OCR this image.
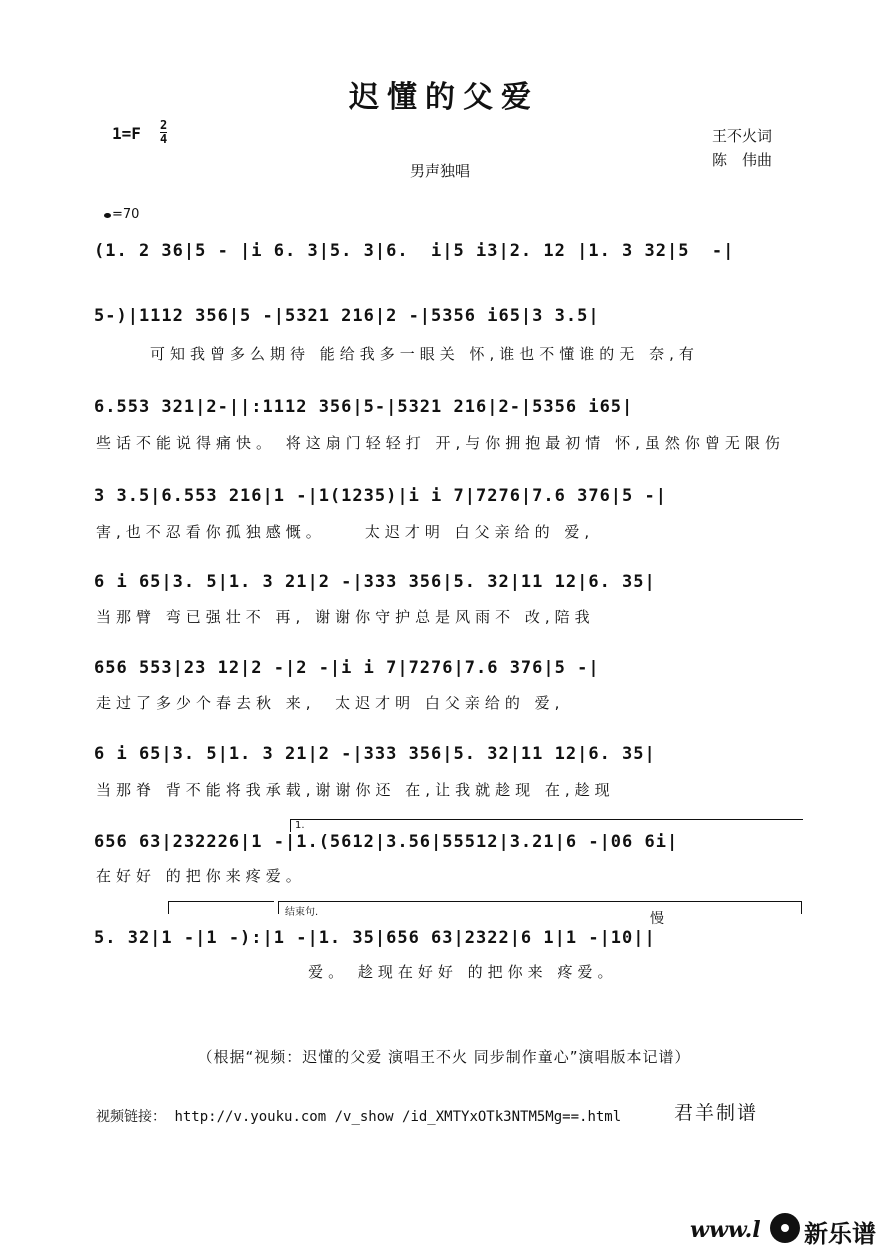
迟懂的父爱
1=F 2
4	王不火词
陈　伟曲
男声独唱
=70
(1. 2 36|5 - |i 6. 3|5. 3|6.  i|5 i3|2. 12 |1. 3 32|5  -|
5-)|1112 356|5 -|5321 216|2 -|5356 i65|3 3.5|
可知我曾多么期待 能给我多一眼关 怀,谁也不懂谁的无 奈,有
6.553 321|2-||:1112 356|5-|5321 216|2-|5356 i65|
些话不能说得痛快。 将这扇门轻轻打 开,与你拥抱最初情 怀,虽然你曾无限伤
3 3.5|6.553 216|1 -|1(1235)|i i 7|7276|7.6 376|5 -|
害,也不忍看你孤独感慨。    太迟才明 白父亲给的 爱,
6 i 65|3. 5|1. 3 21|2 -|333 356|5. 32|11 12|6. 35|
当那臂 弯已强壮不 再, 谢谢你守护总是风雨不 改,陪我
656 553|23 12|2 -|2 -|i i 7|7276|7.6 376|5 -|
走过了多少个春去秋 来,  太迟才明 白父亲给的 爱,
6 i 65|3. 5|1. 3 21|2 -|333 356|5. 32|11 12|6. 35|
当那脊 背不能将我承载,谢谢你还 在,让我就趁现 在,趁现
1.
656 63|232226|1 -|1.(5612|3.56|55512|3.21|6 -|06 6i|
在好好 的把你来疼爱。
结束句.	慢
5. 32|1 -|1 -):|1 -|1. 35|656 63|2322|6 1|1 -|10||
爱。 趁现在好好 的把你来 疼爱。
（根据“视频：迟懂的父爱 演唱王不火 同步制作童心”演唱版本记谱）
视频链接： http://v.youku.com /v_show /id_XMTYxOTk3NTM5Mg==.html	君羊制谱
www.l 新乐谱
